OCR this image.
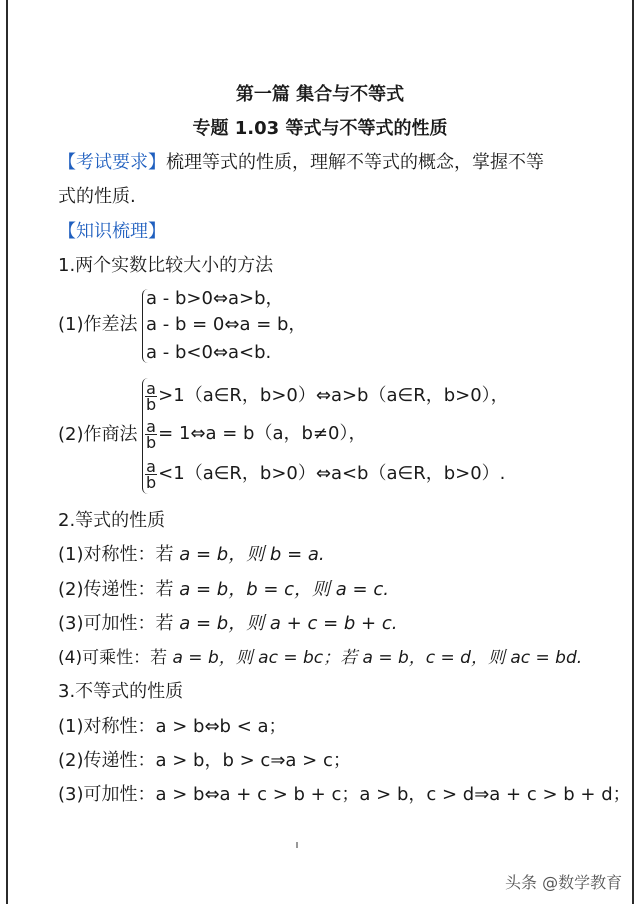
第一篇 集合与不等式
专题 1.03 等式与不等式的性质
【考试要求】梳理等式的性质，理解不等式的概念，掌握不等
式的性质.
【知识梳理】
1.两个实数比较大小的方法
(1)作差法
a - b>0⇔a>b，
a - b = 0⇔a = b，
a - b<0⇔a<b.
(2)作商法
$\frac{a}{b}$ >1（a∈R，b>0）⇔a>b（a∈R，b>0），
$\frac{a}{b}$ = 1⇔a = b（a，b≠0），
$\frac{a}{b}$ <1（a∈R，b>0）⇔a<b（a∈R，b>0）.
2.等式的性质
(1)对称性：若 a = b，则 b = a.
(2)传递性：若 a = b，b = c，则 a = c.
(3)可加性：若 a = b，则 a + c = b + c.
(4)可乘性：若 a = b，则 ac = bc；若 a = b，c = d，则 ac = bd.
3.不等式的性质
(1)对称性：a > b⇔b < a；
(2)传递性：a > b，b > c⇒a > c；
(3)可加性：a > b⇔a + c > b + c；a > b，c > d⇒a + c > b + d；
头条 @数学教育
